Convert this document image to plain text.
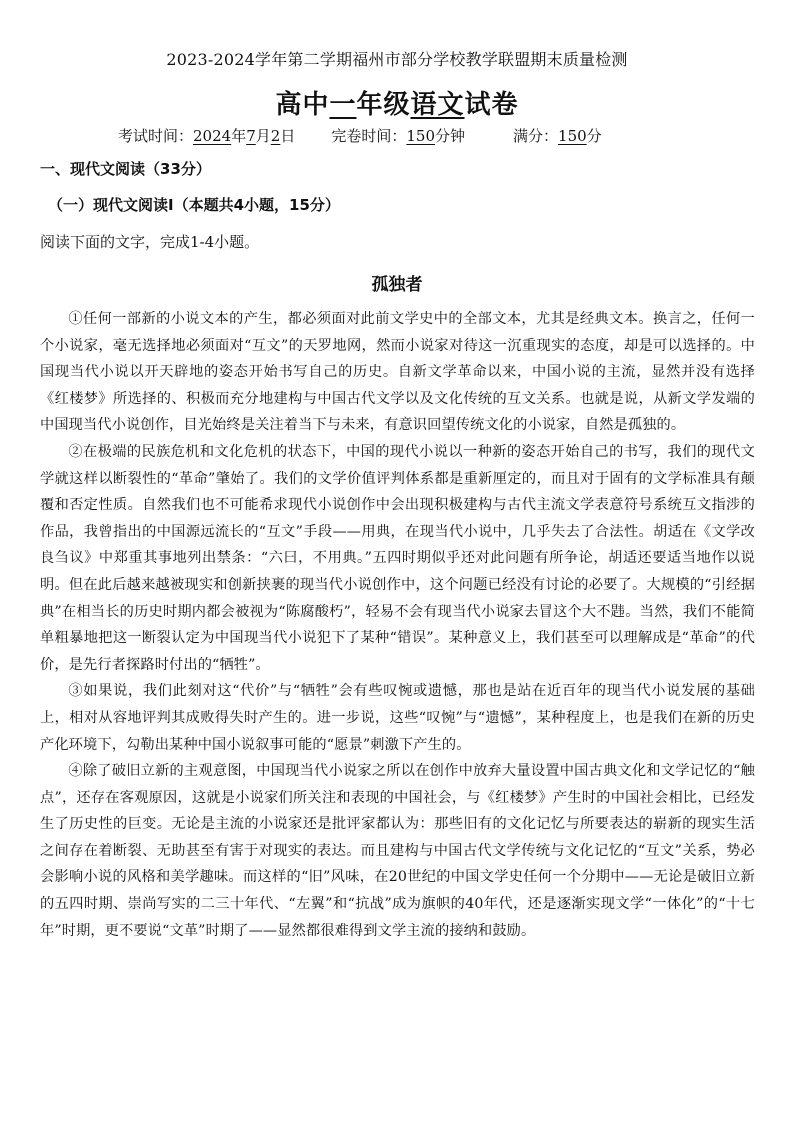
2023-2024学年第二学期福州市部分学校教学联盟期末质量检测
高中一年级语文试卷
考试时间：2024年7月2日 完卷时间：150分钟	满分：150分
一、现代文阅读（33分）
（一）现代文阅读Ⅰ（本题共4小题，15分）
阅读下面的文字，完成1-4小题。
孤独者

①任何一部新的小说文本的产生，都必须面对此前文学史中的全部文本，尤其是经典文本。换言之，任何一个小说家，毫无选择地必须面对“互文”的天罗地网，然而小说家对待这一沉重现实的态度，却是可以选择的。中国现当代小说以开天辟地的姿态开始书写自己的历史。自新文学革命以来，中国小说的主流，显然并没有选择《红楼梦》所选择的、积极而充分地建构与中国古代文学以及文化传统的互文关系。也就是说，从新文学发端的中国现当代小说创作，目光始终是关注着当下与未来，有意识回望传统文化的小说家，自然是孤独的。

②在极端的民族危机和文化危机的状态下，中国的现代小说以一种新的姿态开始自己的书写，我们的现代文学就这样以断裂性的“革命”肇始了。我们的文学价值评判体系都是重新厘定的，而且对于固有的文学标准具有颠覆和否定性质。自然我们也不可能希求现代小说创作中会出现积极建构与古代主流文学表意符号系统互文指涉的作品，我曾指出的中国源远流长的“互文”手段——用典，在现当代小说中，几乎失去了合法性。胡适在《文学改良刍议》中郑重其事地列出禁条：“六曰，不用典。”五四时期似乎还对此问题有所争论，胡适还要适当地作以说明。但在此后越来越被现实和创新挟裹的现当代小说创作中，这个问题已经没有讨论的必要了。大规模的“引经据典”在相当长的历史时期内都会被视为“陈腐酸朽”，轻易不会有现当代小说家去冒这个大不韪。当然，我们不能简单粗暴地把这一断裂认定为中国现当代小说犯下了某种“错误”。某种意义上，我们甚至可以理解成是“革命”的代价，是先行者探路时付出的“牺牲”。

③如果说，我们此刻对这“代价”与“牺牲”会有些叹惋或遗憾，那也是站在近百年的现当代小说发展的基础上，相对从容地评判其成败得失时产生的。进一步说，这些“叹惋”与“遗憾”，某种程度上，也是我们在新的历史产化环境下，勾勒出某种中国小说叙事可能的“愿景”刺激下产生的。

④除了破旧立新的主观意图，中国现当代小说家之所以在创作中放弃大量设置中国古典文化和文学记忆的“触点”，还存在客观原因，这就是小说家们所关注和表现的中国社会，与《红楼梦》产生时的中国社会相比，已经发生了历史性的巨变。无论是主流的小说家还是批评家都认为：那些旧有的文化记忆与所要表达的崭新的现实生活之间存在着断裂、无助甚至有害于对现实的表达。而且建构与中国古代文学传统与文化记忆的“互文”关系，势必会影响小说的风格和美学趣味。而这样的“旧”风味，在20世纪的中国文学史任何一个分期中——无论是破旧立新的五四时期、崇尚写实的二三十年代、“左翼”和“抗战”成为旗帜的40年代，还是逐渐实现文学“一体化”的“十七年”时期，更不要说“文革”时期了——显然都很难得到文学主流的接纳和鼓励。
